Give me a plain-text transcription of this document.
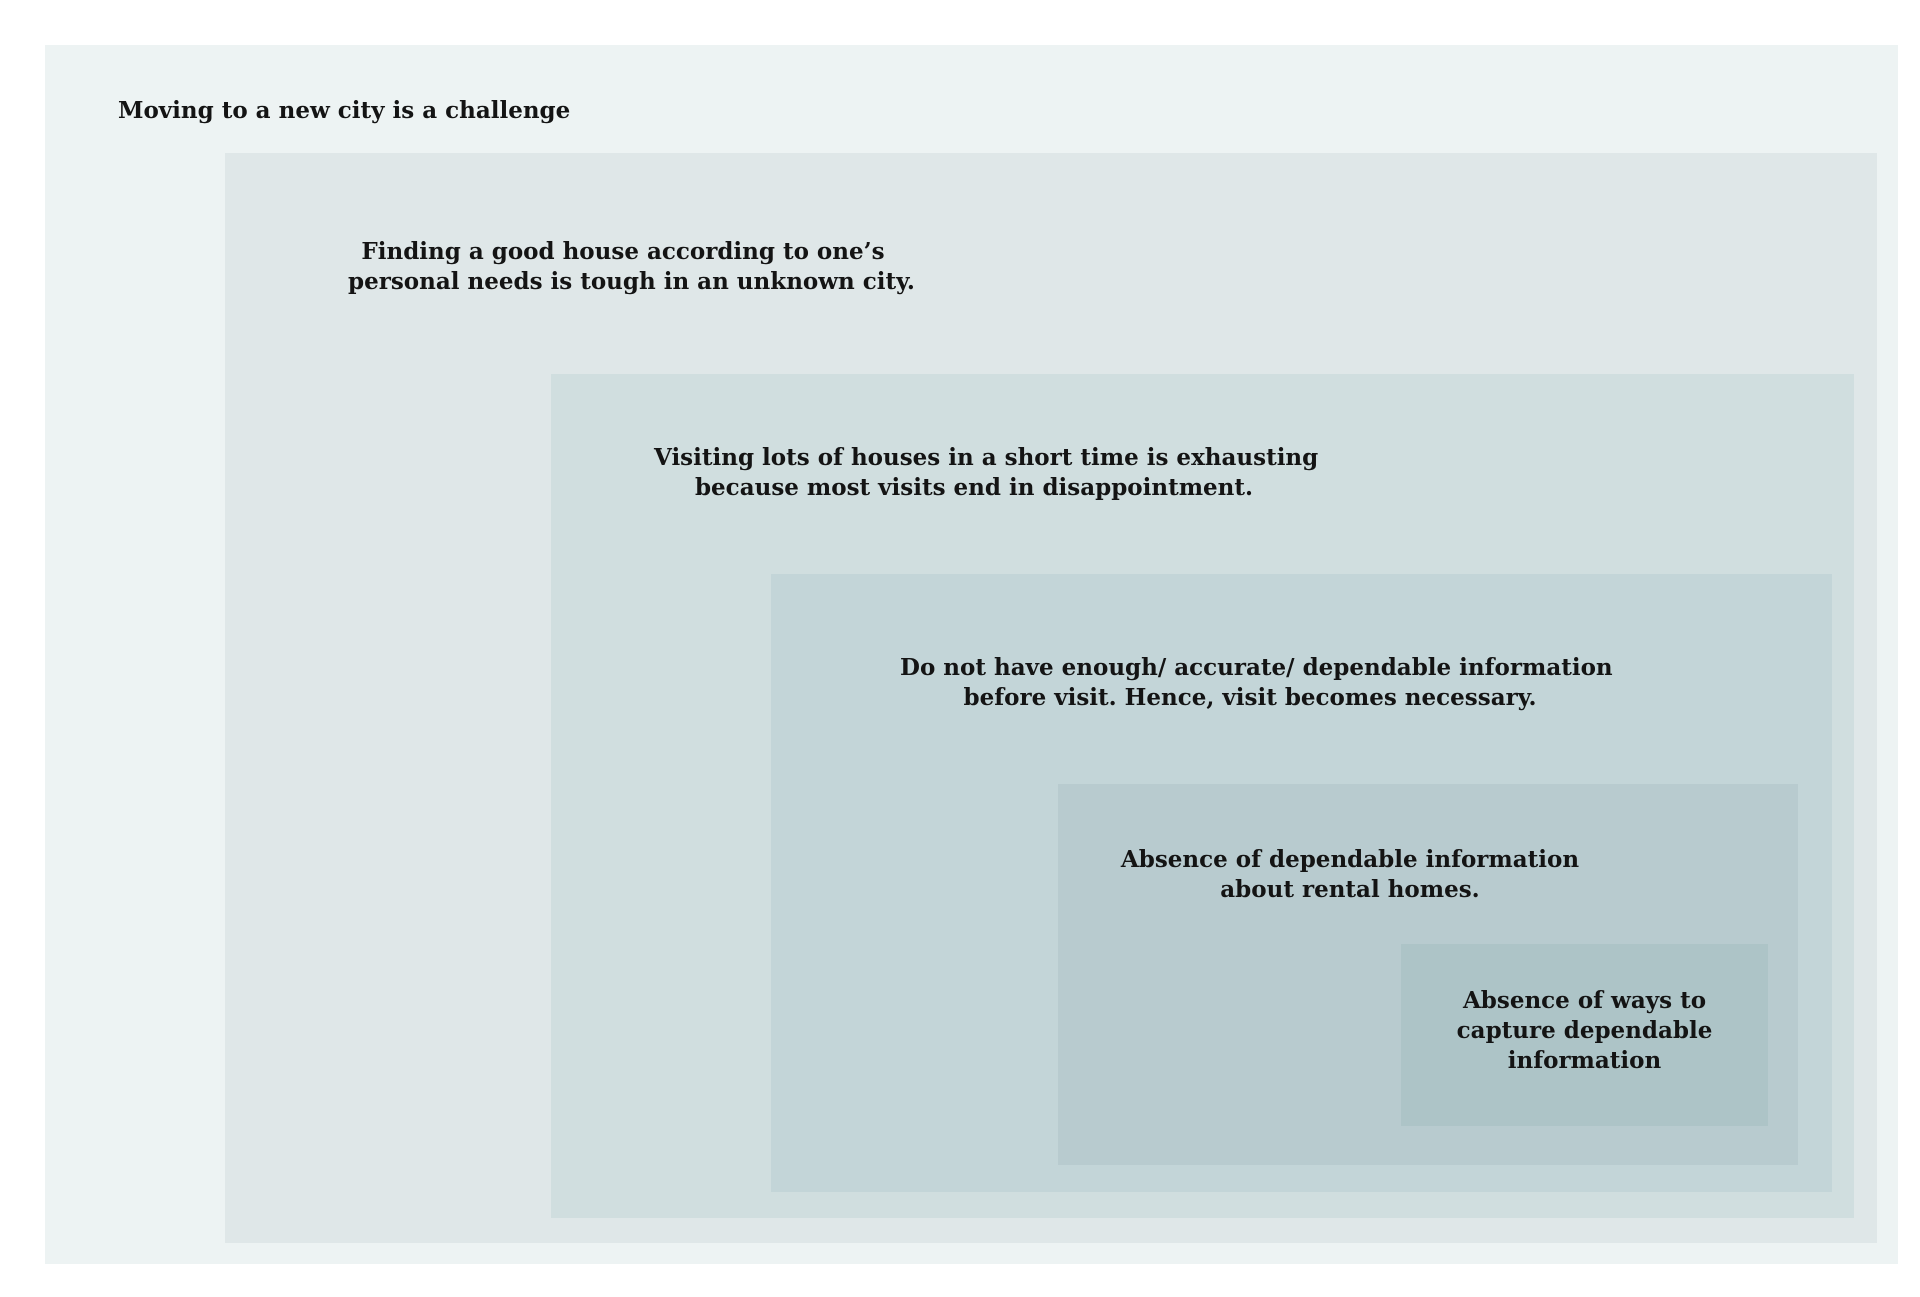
Moving to a new city is a challenge
Finding a good house according to one’s
personal needs is tough in an unknown city.
Visiting lots of houses in a short time is exhausting
because most visits end in disappointment.
Do not have enough/ accurate/ dependable information
before visit. Hence, visit becomes necessary.
Absence of dependable information
about rental homes.
Absence of ways to
capture dependable
information
